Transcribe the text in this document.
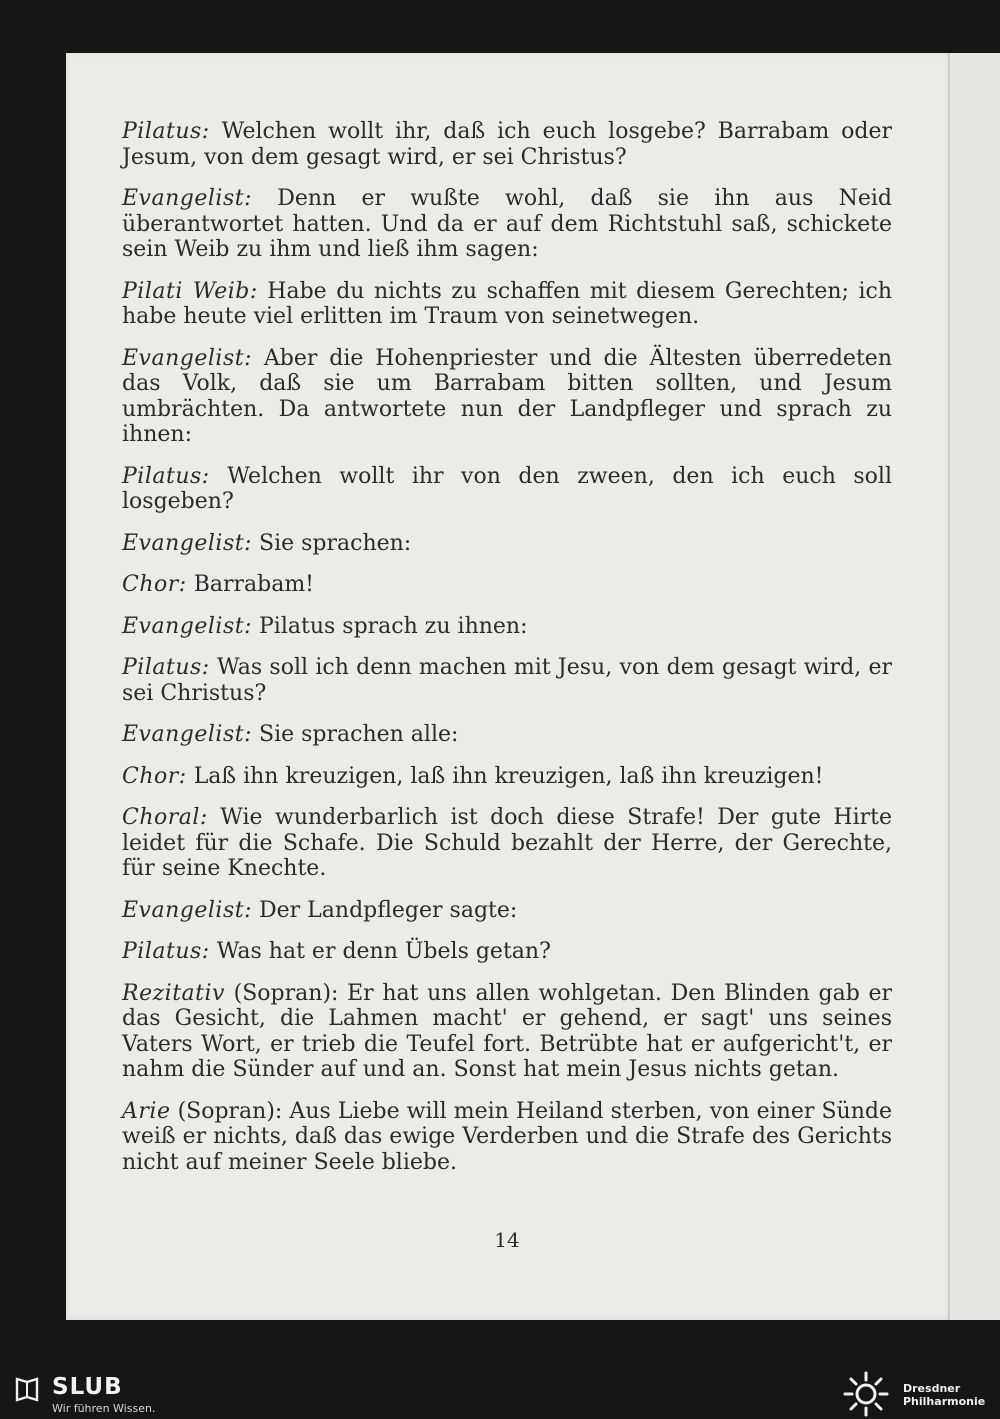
Pilatus: Welchen wollt ihr, daß ich euch losgebe? Barrabam oder Jesum, von dem gesagt wird, er sei Christus?

Evangelist: Denn er wußte wohl, daß sie ihn aus Neid überantwortet hatten. Und da er auf dem Richtstuhl saß, schickete sein Weib zu ihm und ließ ihm sagen:

Pilati Weib: Habe du nichts zu schaffen mit diesem Gerechten; ich habe heute viel erlitten im Traum von seinetwegen.

Evangelist: Aber die Hohenpriester und die Ältesten überredeten das Volk, daß sie um Barrabam bitten sollten, und Jesum umbrächten. Da antwortete nun der Landpfleger und sprach zu ihnen:

Pilatus: Welchen wollt ihr von den zween, den ich euch soll losgeben?

Evangelist: Sie sprachen:

Chor: Barrabam!

Evangelist: Pilatus sprach zu ihnen:

Pilatus: Was soll ich denn machen mit Jesu, von dem gesagt wird, er sei Christus?

Evangelist: Sie sprachen alle:

Chor: Laß ihn kreuzigen, laß ihn kreuzigen, laß ihn kreuzigen!

Choral: Wie wunderbarlich ist doch diese Strafe! Der gute Hirte leidet für die Schafe. Die Schuld bezahlt der Herre, der Gerechte, für seine Knechte.

Evangelist: Der Landpfleger sagte:

Pilatus: Was hat er denn Übels getan?

Rezitativ (Sopran): Er hat uns allen wohlgetan. Den Blinden gab er das Gesicht, die Lahmen macht' er gehend, er sagt' uns seines Vaters Wort, er trieb die Teufel fort. Betrübte hat er aufgericht't, er nahm die Sünder auf und an. Sonst hat mein Jesus nichts getan.

Arie (Sopran): Aus Liebe will mein Heiland sterben, von einer Sünde weiß er nichts, daß das ewige Verderben und die Strafe des Gerichts nicht auf meiner Seele bliebe.

14
SLUB
Wir führen Wissen.
Dresdner
Philharmonie
